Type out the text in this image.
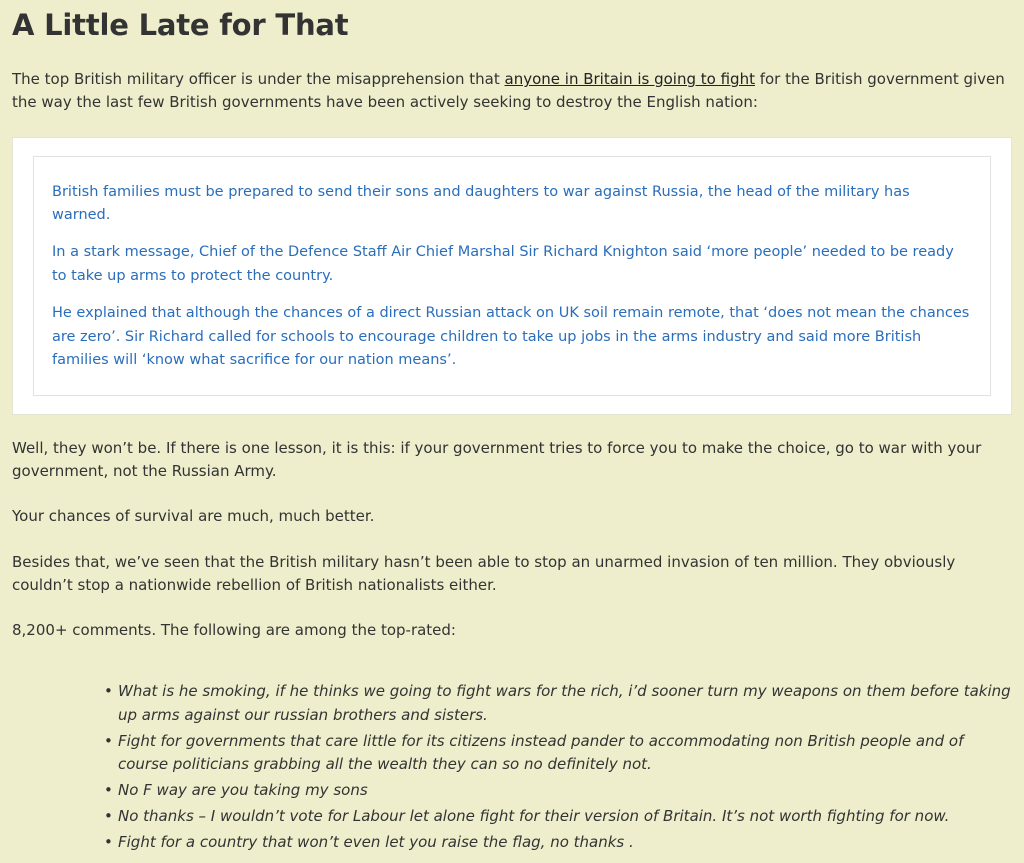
A Little Late for That

The top British military officer is under the misapprehension that anyone in Britain is going to fight for the British government given the way the last few British governments have been actively seeking to destroy the English nation:

British families must be prepared to send their sons and daughters to war against Russia, the head of the military has warned.

In a stark message, Chief of the Defence Staff Air Chief Marshal Sir Richard Knighton said ‘more people’ needed to be ready to take up arms to protect the country.

He explained that although the chances of a direct Russian attack on UK soil remain remote, that ‘does not mean the chances are zero’. Sir Richard called for schools to encourage children to take up jobs in the arms industry and said more British families will ‘know what sacrifice for our nation means’.

Well, they won’t be. If there is one lesson, it is this: if your government tries to force you to make the choice, go to war with your government, not the Russian Army.

Your chances of survival are much, much better.

Besides that, we’ve seen that the British military hasn’t been able to stop an unarmed invasion of ten million. They obviously couldn’t stop a nationwide rebellion of British nationalists either.

8,200+ comments. The following are among the top-rated:

• What is he smoking, if he thinks we going to fight wars for the rich, i’d sooner turn my weapons on them before taking up arms against our russian brothers and sisters.
• Fight for governments that care little for its citizens instead pander to accommodating non British people and of course politicians grabbing all the wealth they can so no definitely not.
• No F way are you taking my sons
• No thanks – I wouldn’t vote for Labour let alone fight for their version of Britain. It’s not worth fighting for now.
• Fight for a country that won’t even let you raise the flag, no thanks .
